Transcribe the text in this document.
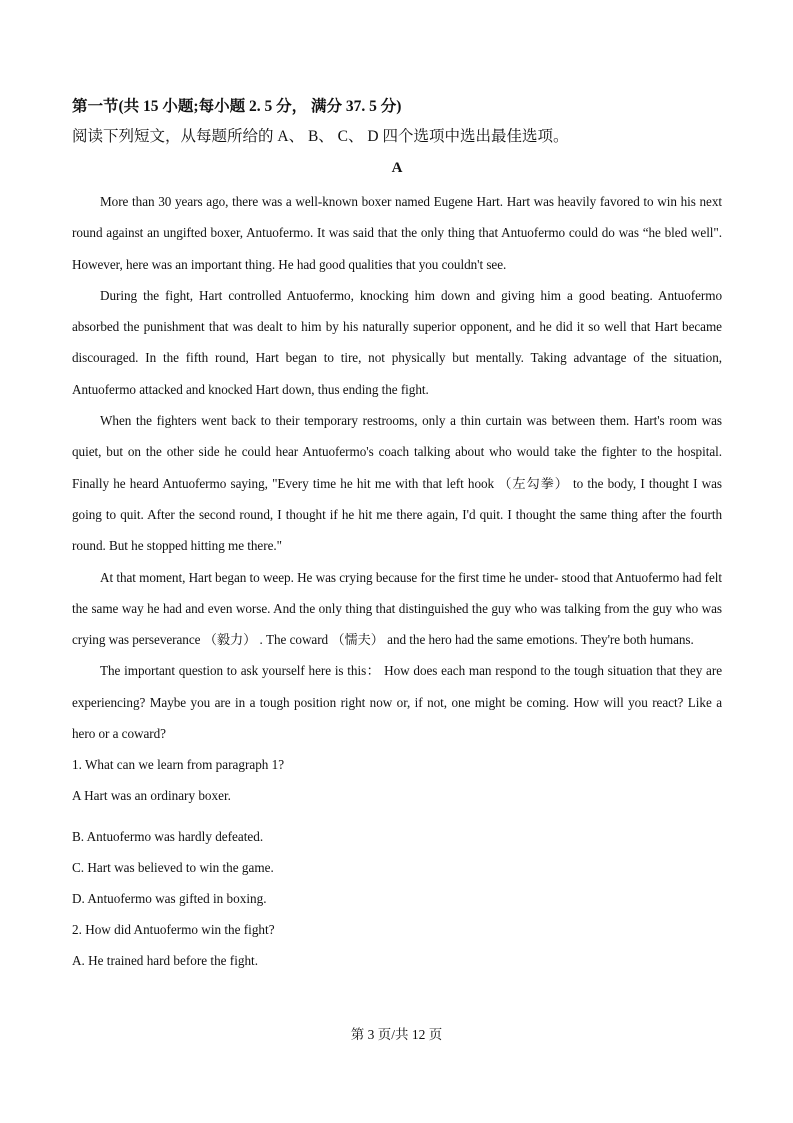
第一节(共 15 小题;每小题 2. 5 分， 满分 37. 5 分)

阅读下列短文，从每题所给的 A、 B、 C、 D 四个选项中选出最佳选项。

A

More than 30 years ago, there was a well-known boxer named Eugene Hart. Hart was heavily favored to win his next round against an ungifted boxer, Antuofermo. It was said that the only thing that Antuofermo could do was “he bled well". However, here was an important thing. He had good qualities that you couldn't see.

During the fight, Hart controlled Antuofermo, knocking him down and giving him a good beating. Antuofermo absorbed the punishment that was dealt to him by his naturally superior opponent, and he did it so well that Hart became discouraged. In the fifth round, Hart began to tire, not physically but mentally. Taking advantage of the situation, Antuofermo attacked and knocked Hart down, thus ending the fight.

When the fighters went back to their temporary restrooms, only a thin curtain was between them. Hart's room was quiet, but on the other side he could hear Antuofermo's coach talking about who would take the fighter to the hospital. Finally he heard Antuofermo saying, "Every time he hit me with that left hook （左勾拳） to the body, I thought I was going to quit. After the second round, I thought if he hit me there again, I'd quit. I thought the same thing after the fourth round. But he stopped hitting me there."

At that moment, Hart began to weep. He was crying because for the first time he under- stood that Antuofermo had felt the same way he had and even worse. And the only thing that distinguished the guy who was talking from the guy who was crying was perseverance （毅力） . The coward （懦夫） and the hero had the same emotions. They're both humans.

The important question to ask yourself here is this： How does each man respond to the tough situation that they are experiencing? Maybe you are in a tough position right now or, if not, one might be coming. How will you react? Like a hero or a coward?

1. What can we learn from paragraph 1?

A Hart was an ordinary boxer.

B. Antuofermo was hardly defeated.

C. Hart was believed to win the game.

D. Antuofermo was gifted in boxing.

2. How did Antuofermo win the fight?

A. He trained hard before the fight.

第 3 页/共 12 页
